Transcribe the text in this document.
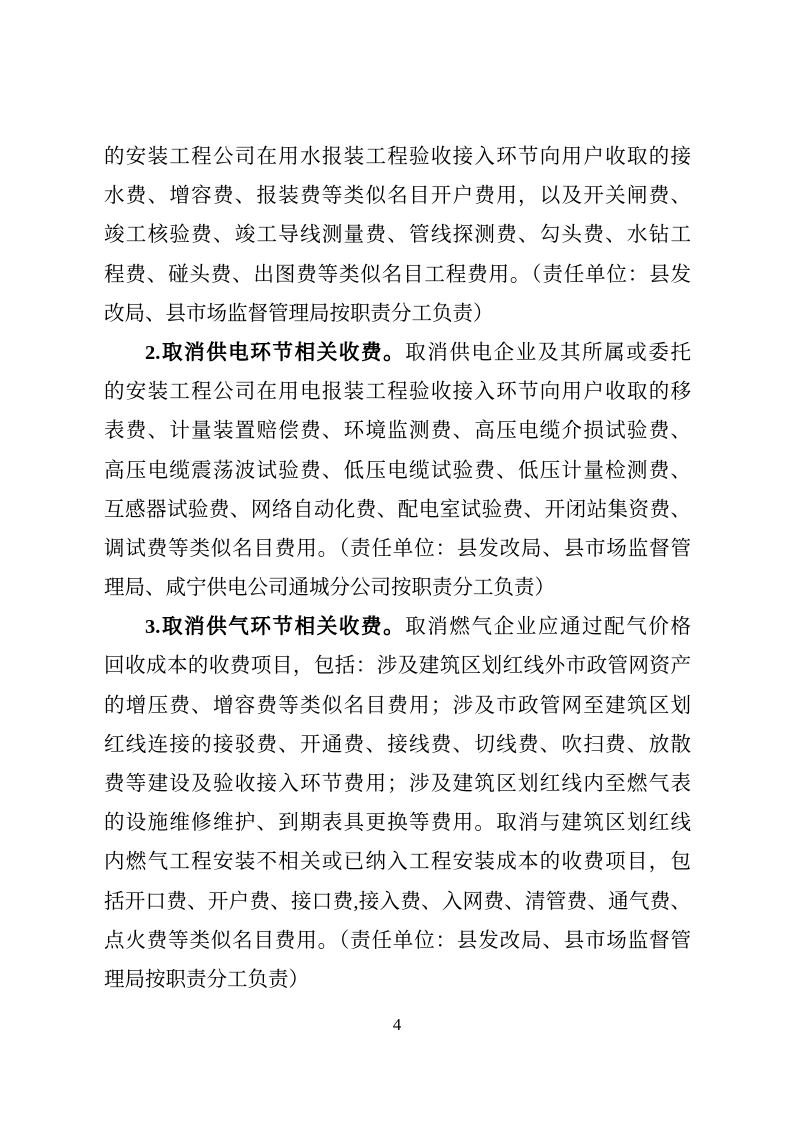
的安装工程公司在用水报装工程验收接入环节向用户收取的接
水费、增容费、报装费等类似名目开户费用，以及开关闸费、
竣工核验费、竣工导线测量费、管线探测费、勾头费、水钻工
程费、碰头费、出图费等类似名目工程费用。（责任单位：县发
改局、县市场监督管理局按职责分工负责）
2.取消供电环节相关收费。取消供电企业及其所属或委托
的安装工程公司在用电报装工程验收接入环节向用户收取的移
表费、计量装置赔偿费、环境监测费、高压电缆介损试验费、
高压电缆震荡波试验费、低压电缆试验费、低压计量检测费、
互感器试验费、网络自动化费、配电室试验费、开闭站集资费、
调试费等类似名目费用。（责任单位：县发改局、县市场监督管
理局、咸宁供电公司通城分公司按职责分工负责）
3.取消供气环节相关收费。取消燃气企业应通过配气价格
回收成本的收费项目，包括：涉及建筑区划红线外市政管网资产
的增压费、增容费等类似名目费用；涉及市政管网至建筑区划
红线连接的接驳费、开通费、接线费、切线费、吹扫费、放散
费等建设及验收接入环节费用；涉及建筑区划红线内至燃气表
的设施维修维护、到期表具更换等费用。取消与建筑区划红线
内燃气工程安装不相关或已纳入工程安装成本的收费项目，包
括开口费、开户费、接口费,接入费、入网费、清管费、通气费、
点火费等类似名目费用。（责任单位：县发改局、县市场监督管
理局按职责分工负责）
4
